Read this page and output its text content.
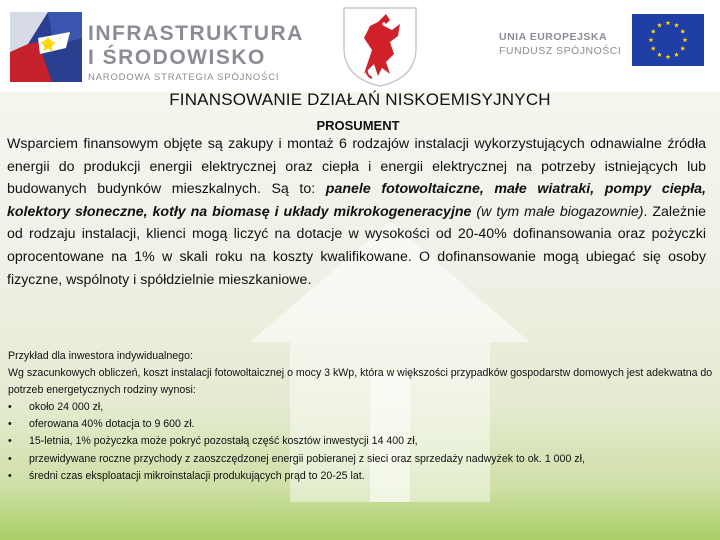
INFRASTRUKTURA
I ŚRODOWISKO
NARODOWA STRATEGIA SPÓJNOŚCI
UNIA EUROPEJSKA
FUNDUSZ SPÓJNOŚCI
FINANSOWANIE DZIAŁAŃ NISKOEMISYJNYCH
PROSUMENT
Wsparciem finansowym objęte są zakupy i montaż 6 rodzajów instalacji wykorzystujących odnawialne źródła energii do produkcji energii elektrycznej oraz ciepła i energii elektrycznej na potrzeby istniejących lub budowanych budynków mieszkalnych. Są to: panele fotowoltaiczne, małe wiatraki, pompy ciepła, kolektory słoneczne, kotły na biomasę i układy mikrokogeneracyjne (w tym małe biogazownie). Zależnie od rodzaju instalacji, klienci mogą liczyć na dotacje w wysokości od 20-40% dofinansowania oraz pożyczki oprocentowane na 1% w skali roku na koszty kwalifikowane. O dofinansowanie mogą ubiegać się osoby fizyczne, wspólnoty i spółdzielnie mieszkaniowe.
Przykład dla inwestora indywidualnego:
Wg szacunkowych obliczeń, koszt instalacji fotowoltaicznej o mocy 3 kWp, która w większości przypadków gospodarstw domowych jest adekwatna do potrzeb energetycznych rodziny wynosi:
• około 24 000 zł,
• oferowana 40% dotacja to 9 600 zł.
• 15-letnia, 1% pożyczka może pokryć pozostałą część kosztów inwestycji 14 400 zł,
• przewidywane roczne przychody z zaoszczędzonej energii pobieranej z sieci oraz sprzedaży nadwyżek to ok. 1 000 zł,
• średni czas eksploatacji mikroinstalacji produkujących prąd to 20-25 lat.
